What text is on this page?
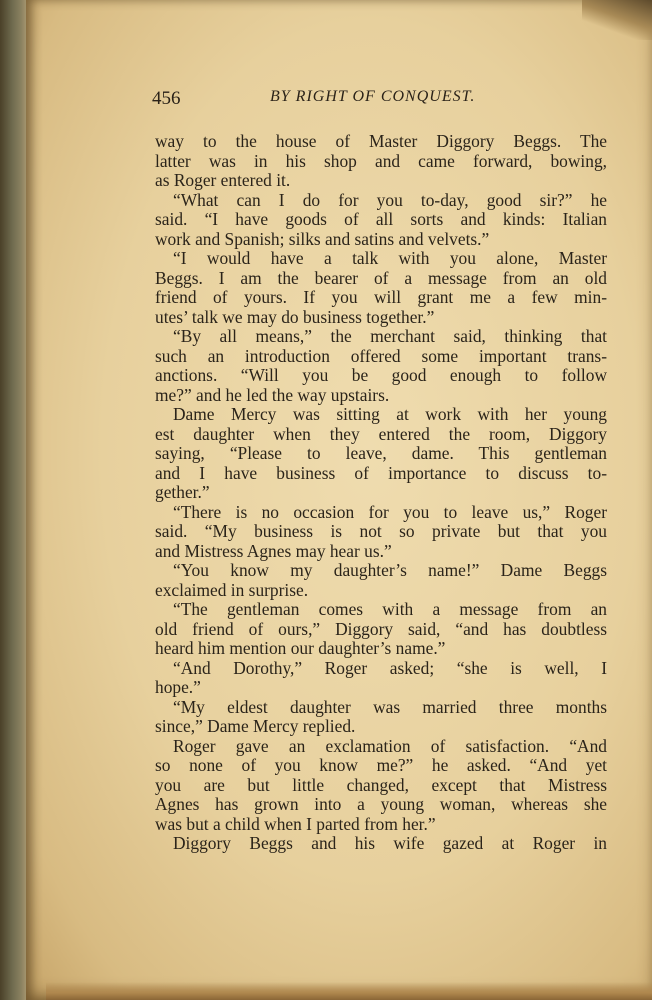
456	BY RIGHT OF CONQUEST.
way to the house of Master Diggory Beggs. The
latter was in his shop and came forward, bowing,
as Roger entered it.
“What can I do for you to-day, good sir?” he
said. “I have goods of all sorts and kinds: Italian
work and Spanish; silks and satins and velvets.”
“I would have a talk with you alone, Master
Beggs. I am the bearer of a message from an old
friend of yours. If you will grant me a few min-
utes’ talk we may do business together.”
“By all means,” the merchant said, thinking that
such an introduction offered some important trans-
anctions. “Will you be good enough to follow
me?” and he led the way upstairs.
Dame Mercy was sitting at work with her young
est daughter when they entered the room, Diggory
saying, “Please to leave, dame. This gentleman
and I have business of importance to discuss to-
gether.”
“There is no occasion for you to leave us,” Roger
said. “My business is not so private but that you
and Mistress Agnes may hear us.”
“You know my daughter’s name!” Dame Beggs
exclaimed in surprise.
“The gentleman comes with a message from an
old friend of ours,” Diggory said, “and has doubtless
heard him mention our daughter’s name.”
“And Dorothy,” Roger asked; “she is well, I
hope.”
“My eldest daughter was married three months
since,” Dame Mercy replied.
Roger gave an exclamation of satisfaction. “And
so none of you know me?” he asked. “And yet
you are but little changed, except that Mistress
Agnes has grown into a young woman, whereas she
was but a child when I parted from her.”
Diggory Beggs and his wife gazed at Roger in
